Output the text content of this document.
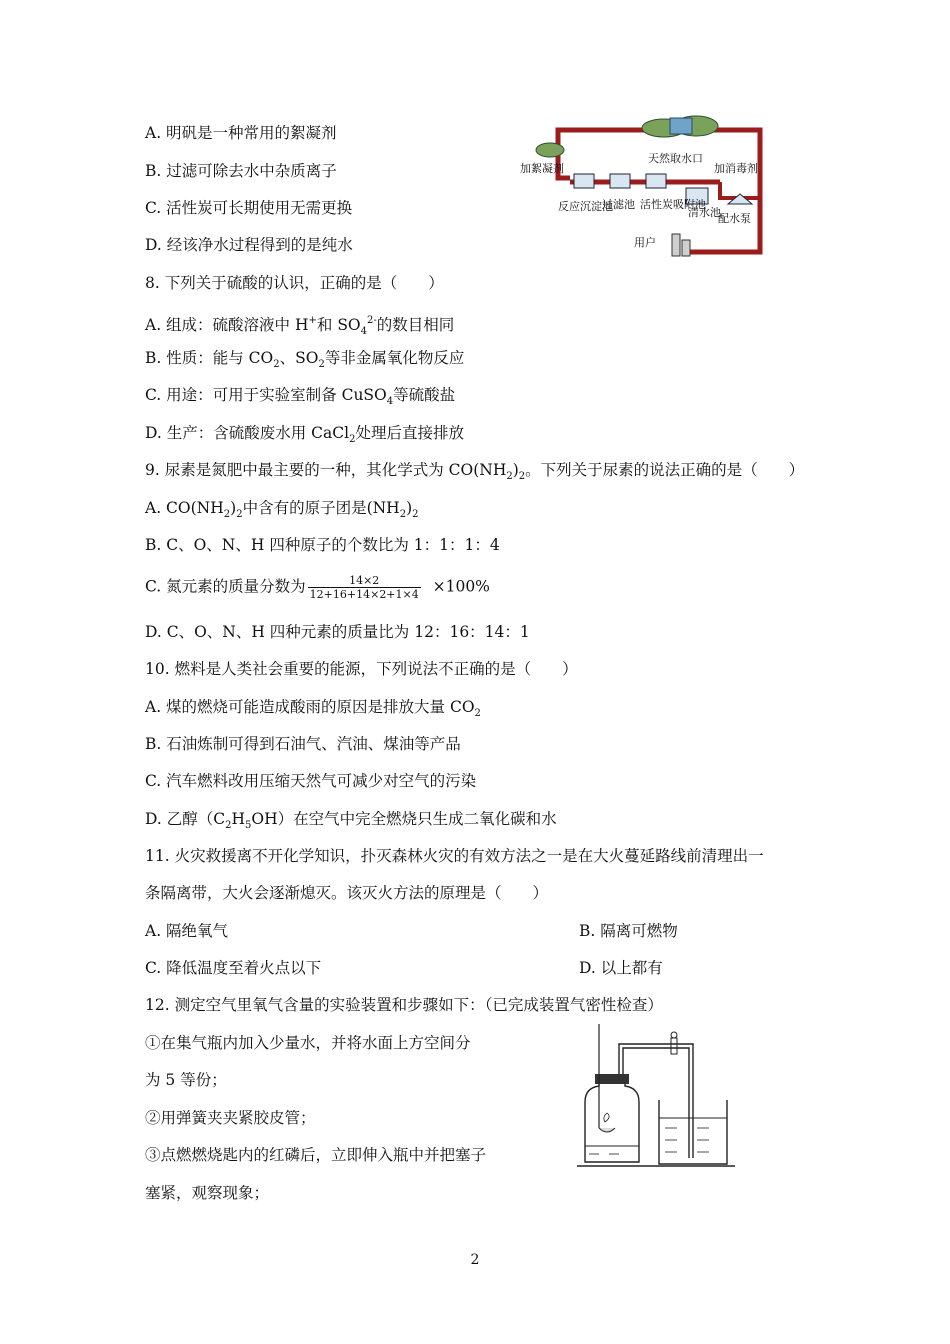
A. 明矾是一种常用的絮凝剂
B. 过滤可除去水中杂质离子
C. 活性炭可长期使用无需更换
D. 经该净水过程得到的是纯水
天然取水口
加消毒剂
加絮凝剂
反应沉淀池
过滤池 活性炭吸附池
清水池
配水泵
用户
8. 下列关于硫酸的认识，正确的是（　　）
A. 组成：硫酸溶液中 H+和 $SO_4^{2-}$的数目相同
B. 性质：能与 $CO_2$、$SO_2$等非金属氧化物反应
C. 用途：可用于实验室制备 CuSO$_4$等硫酸盐
D. 生产：含硫酸废水用 CaCl$_2$处理后直接排放
9. 尿素是氮肥中最主要的一种，其化学式为 $CO(NH_2)_2$。下列关于尿素的说法正确的是（　　）
A. $CO(NH_2)_2$中含有的原子团是$(NH_2)_2$
B. C、O、N、H 四种原子的个数比为 1：1：1：4
C. 氮元素的质量分数为 $\frac{14\times 2}{12+16+14\times 2+1\times 4} \times 100\%$
D. C、O、N、H 四种元素的质量比为 12：16：14：1
10. 燃料是人类社会重要的能源，下列说法不正确的是（　　）
A. 煤的燃烧可能造成酸雨的原因是排放大量 $CO_2$
B. 石油炼制可得到石油气、汽油、煤油等产品
C. 汽车燃料改用压缩天然气可减少对空气的污染
D. 乙醇$(C_2H_5OH)$在空气中完全燃烧只生成二氧化碳和水
11. 火灾救援离不开化学知识，扑灭森林火灾的有效方法之一是在大火蔓延路线前清理出一
条隔离带，大火会逐渐熄灭。该灭火方法的原理是（　　）
A. 隔绝氧气	B. 隔离可燃物
C. 降低温度至着火点以下	D. 以上都有
12. 测定空气里氧气含量的实验装置和步骤如下：（已完成装置气密性检查）
①在集气瓶内加入少量水，并将水面上方空间分
为 5 等份；
②用弹簧夹夹紧胶皮管；
③点燃燃烧匙内的红磷后，立即伸入瓶中并把塞子
塞紧，观察现象；
2
